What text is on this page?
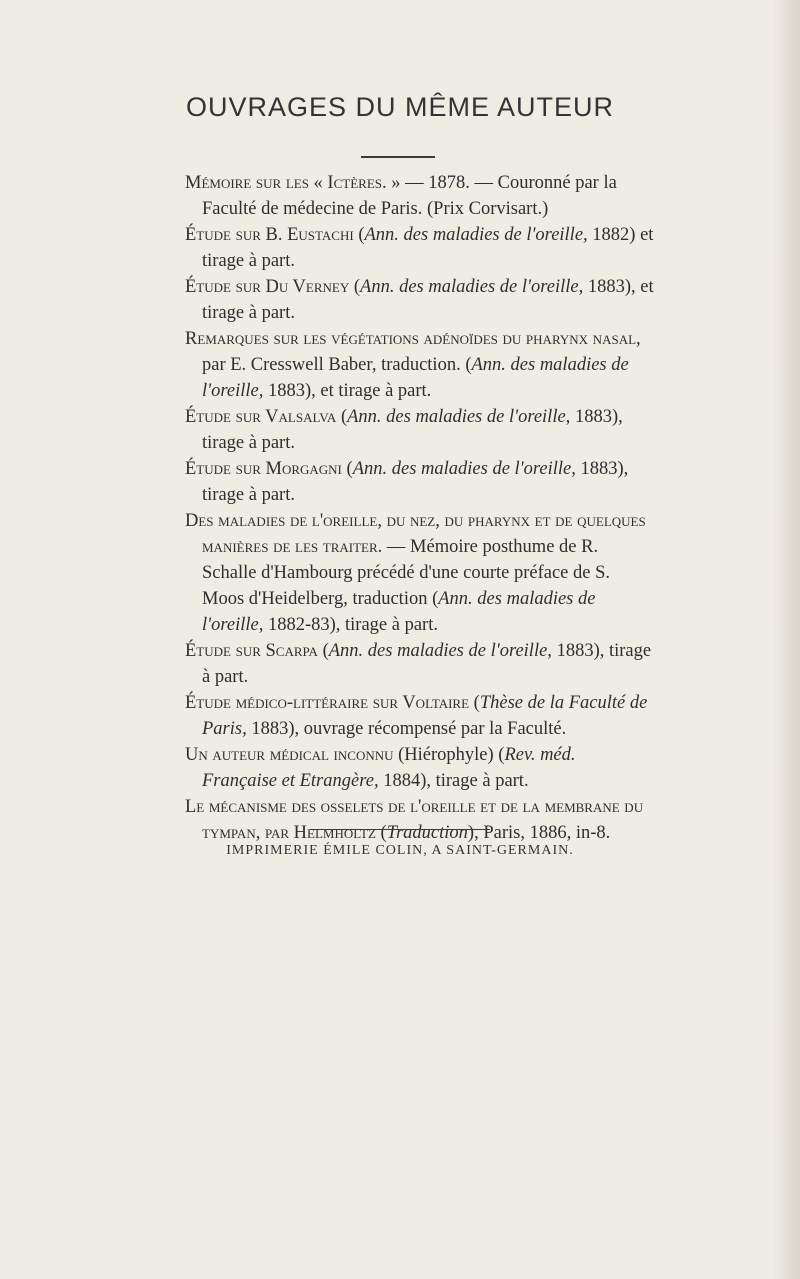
OUVRAGES DU MÊME AUTEUR

Mémoire sur les « Ictères. » — 1878. — Couronné par la Faculté de médecine de Paris. (Prix Corvisart.)

Étude sur B. Eustachi (Ann. des maladies de l'oreille, 1882) et tirage à part.

Étude sur Du Verney (Ann. des maladies de l'oreille, 1883), et tirage à part.

Remarques sur les végétations adénoïdes du pharynx nasal, par E. Cresswell Baber, traduction. (Ann. des maladies de l'oreille, 1883), et tirage à part.

Étude sur Valsalva (Ann. des maladies de l'oreille, 1883), tirage à part.

Étude sur Morgagni (Ann. des maladies de l'oreille, 1883), tirage à part.

Des maladies de l'oreille, du nez, du pharynx et de quelques manières de les traiter. — Mémoire posthume de R. Schalle d'Hambourg précédé d'une courte préface de S. Moos d'Heidelberg, traduction (Ann. des maladies de l'oreille, 1882-83), tirage à part.

Étude sur Scarpa (Ann. des maladies de l'oreille, 1883), tirage à part.

Étude médico-littéraire sur Voltaire (Thèse de la Faculté de Paris, 1883), ouvrage récompensé par la Faculté.

Un auteur médical inconnu (Hiérophyle) (Rev. méd. Française et Etrangère, 1884), tirage à part.

Le mécanisme des osselets de l'oreille et de la membrane du tympan, par Helmholtz (Traduction), Paris, 1886, in-8.

IMPRIMERIE ÉMILE COLIN, A SAINT-GERMAIN.
